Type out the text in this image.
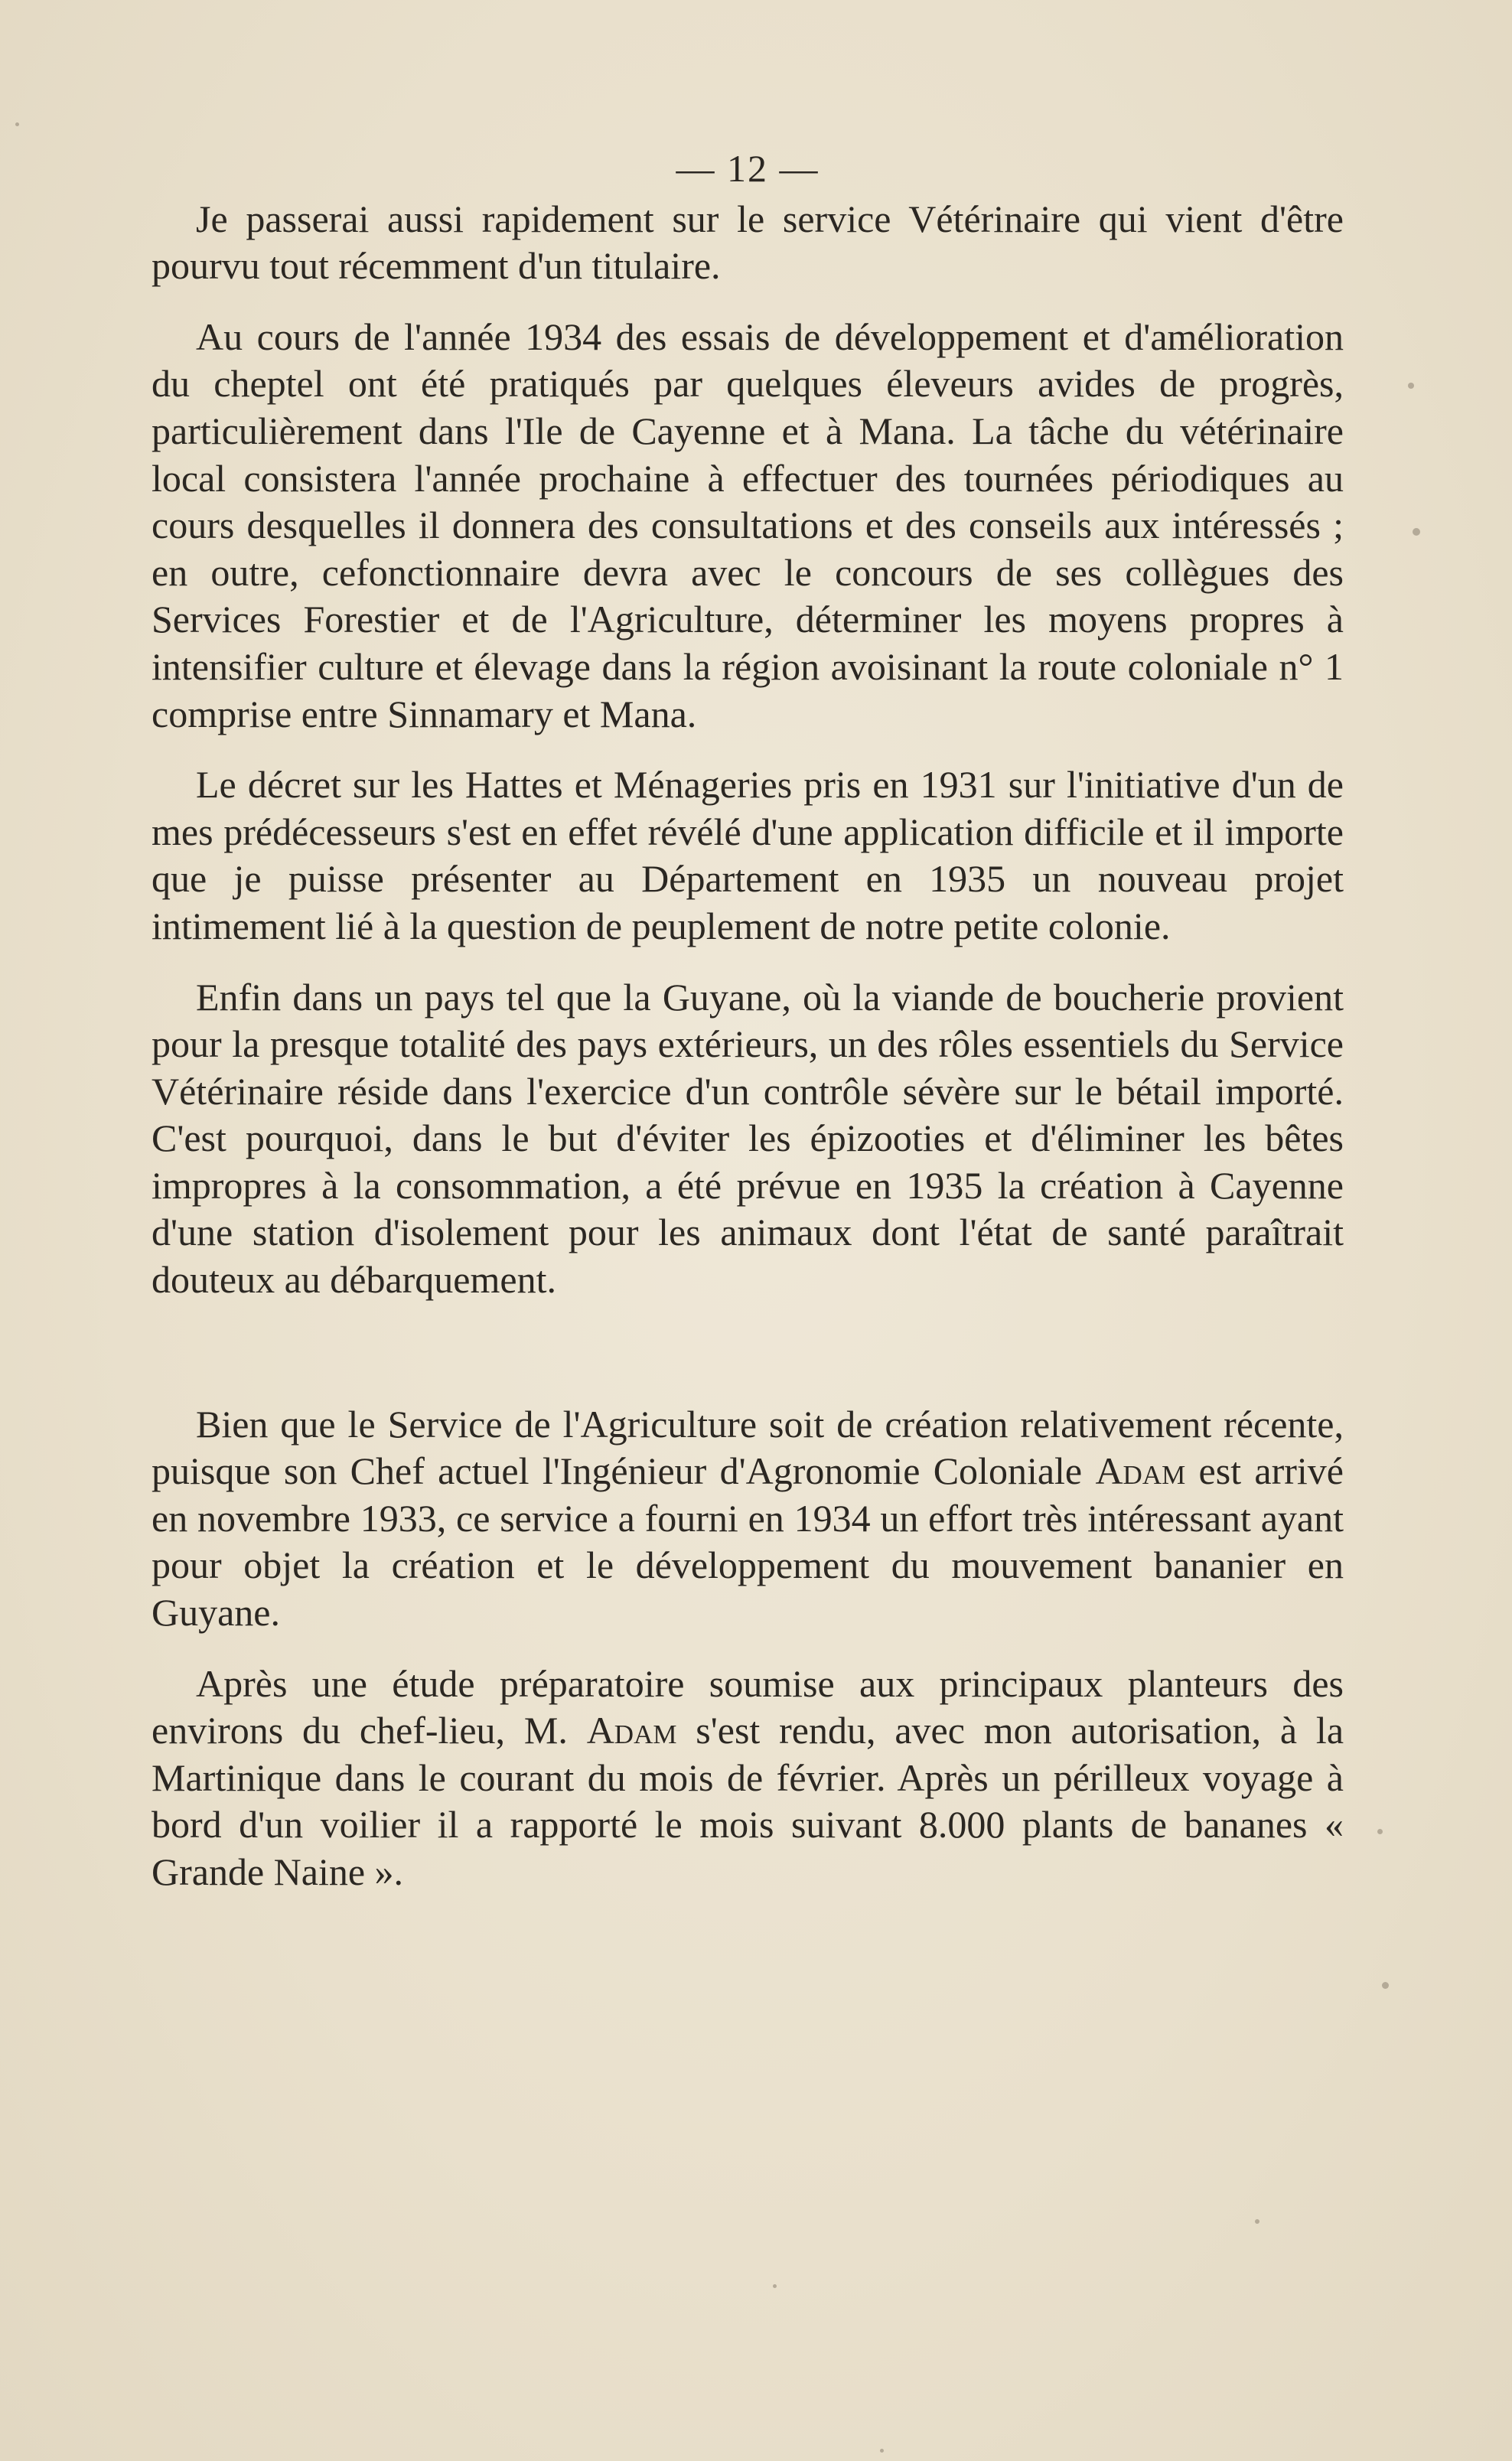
— 12 —

Je passerai aussi rapidement sur le service Vétérinaire qui vient d'être pourvu tout récemment d'un titulaire.

Au cours de l'année 1934 des essais de développement et d'amélioration du cheptel ont été pratiqués par quelques éleveurs avides de progrès, particulièrement dans l'Ile de Cayenne et à Mana. La tâche du vétérinaire local consistera l'année prochaine à effectuer des tournées périodiques au cours desquelles il donnera des consultations et des conseils aux intéressés ; en outre, cefonctionnaire devra avec le concours de ses collègues des Services Forestier et de l'Agriculture, déterminer les moyens propres à intensifier culture et élevage dans la région avoisinant la route coloniale n° 1 comprise entre Sinnamary et Mana.

Le décret sur les Hattes et Ménageries pris en 1931 sur l'initiative d'un de mes prédécesseurs s'est en effet révélé d'une application difficile et il importe que je puisse présenter au Département en 1935 un nouveau projet intimement lié à la question de peuplement de notre petite colonie.

Enfin dans un pays tel que la Guyane, où la viande de boucherie provient pour la presque totalité des pays extérieurs, un des rôles essentiels du Service Vétérinaire réside dans l'exercice d'un contrôle sévère sur le bétail importé. C'est pourquoi, dans le but d'éviter les épizooties et d'éliminer les bêtes impropres à la consommation, a été prévue en 1935 la création à Cayenne d'une station d'isolement pour les animaux dont l'état de santé paraîtrait douteux au débarquement.

Bien que le Service de l'Agriculture soit de création relativement récente, puisque son Chef actuel l'Ingénieur d'Agronomie Coloniale Adam est arrivé en novembre 1933, ce service a fourni en 1934 un effort très intéressant ayant pour objet la création et le développement du mouvement bananier en Guyane.

Après une étude préparatoire soumise aux principaux planteurs des environs du chef-lieu, M. Adam s'est rendu, avec mon autorisation, à la Martinique dans le courant du mois de février. Après un périlleux voyage à bord d'un voilier il a rapporté le mois suivant 8.000 plants de bananes « Grande Naine ».
